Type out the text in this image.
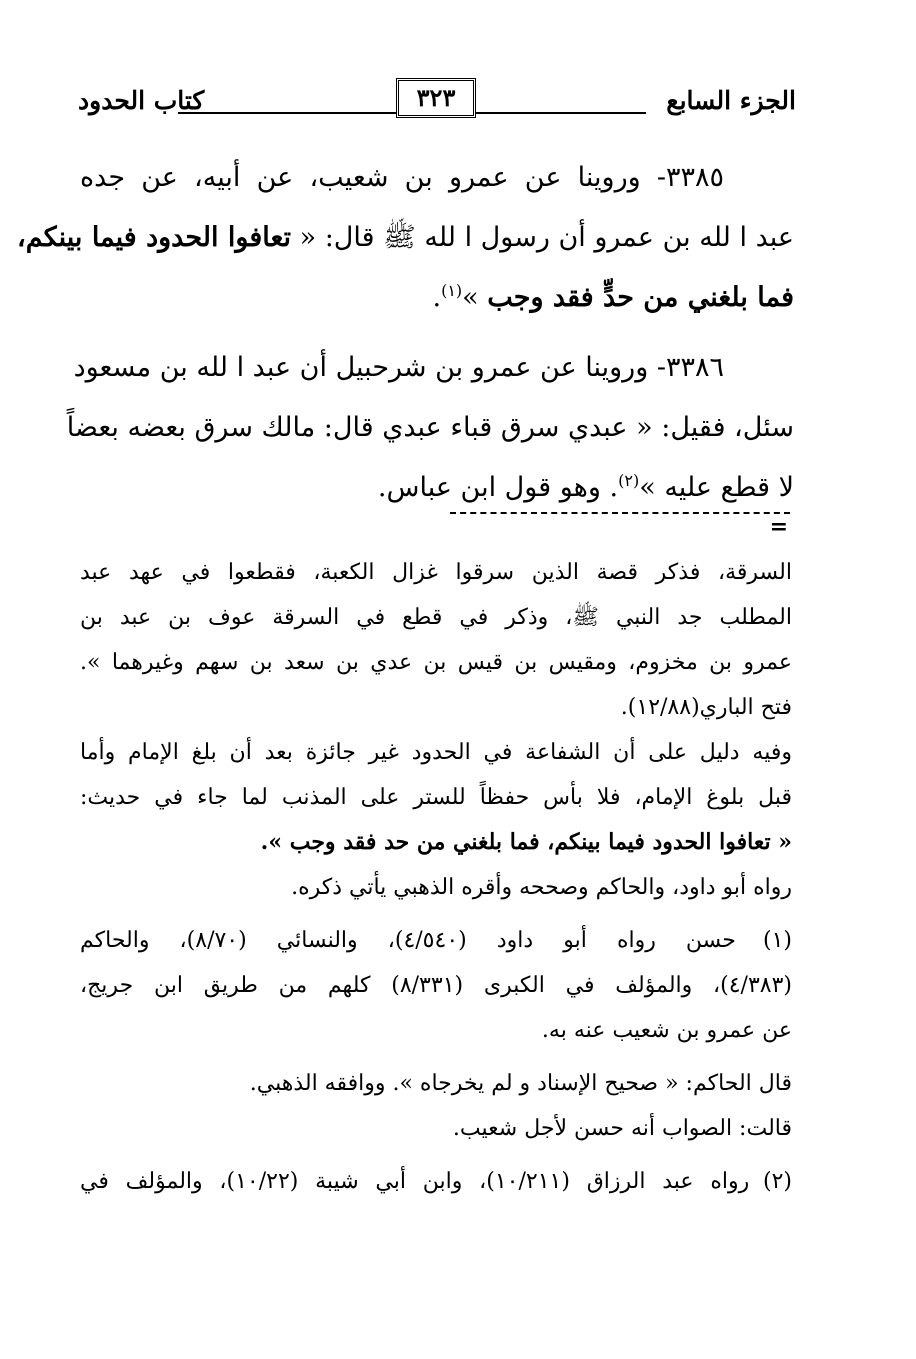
الجزء السابع
٣٢٣
كتاب الحدود
٣٣٨٥- وروينا عن عمرو بن شعيب، عن أبيه، عن جده
عبد ا لله بن عمرو أن رسول ا لله ﷺ قال: « تعافوا الحدود فيما بينكم،
فما بلغني من حدٍّ فقد وجب »$^{(١)}$.
٣٣٨٦- وروينا عن عمرو بن شرحبيل أن عبد ا لله بن مسعود
سئل، فقيل: « عبدي سرق قباء عبدي قال: مالك سرق بعضه بعضاً
لا قطع عليه »$^{(٢)}$. وهو قول ابن عباس.
=
السرقة، فذكر قصة الذين سرقوا غزال الكعبة، فقطعوا في عهد عبد
المطلب جد النبي ﷺ، وذكر في قطع في السرقة عوف بن عبد بن
عمرو بن مخزوم، ومقيس بن قيس بن عدي بن سعد بن سهم وغيرهما ».
فتح الباري(١٢/٨٨).
وفيه دليل على أن الشفاعة في الحدود غير جائزة بعد أن بلغ الإمام وأما
قبل بلوغ الإمام، فلا بأس حفظاً للستر على المذنب لما جاء في حديث:
« تعافوا الحدود فيما بينكم، فما بلغني من حد فقد وجب ».
رواه أبو داود، والحاكم وصححه وأقره الذهبي يأتي ذكره.
(١) حسن رواه أبو داود (٤/٥٤٠)، والنسائي (٨/٧٠)، والحاكم
(٤/٣٨٣)، والمؤلف في الكبرى (٨/٣٣١) كلهم من طريق ابن جريج،
عن عمرو بن شعيب عنه به.
قال الحاكم: « صحيح الإسناد و لم يخرجاه ». ووافقه الذهبي.
قالت: الصواب أنه حسن لأجل شعيب.
(٢) رواه عبد الرزاق (١٠/٢١١)، وابن أبي شيبة (١٠/٢٢)، والمؤلف في
